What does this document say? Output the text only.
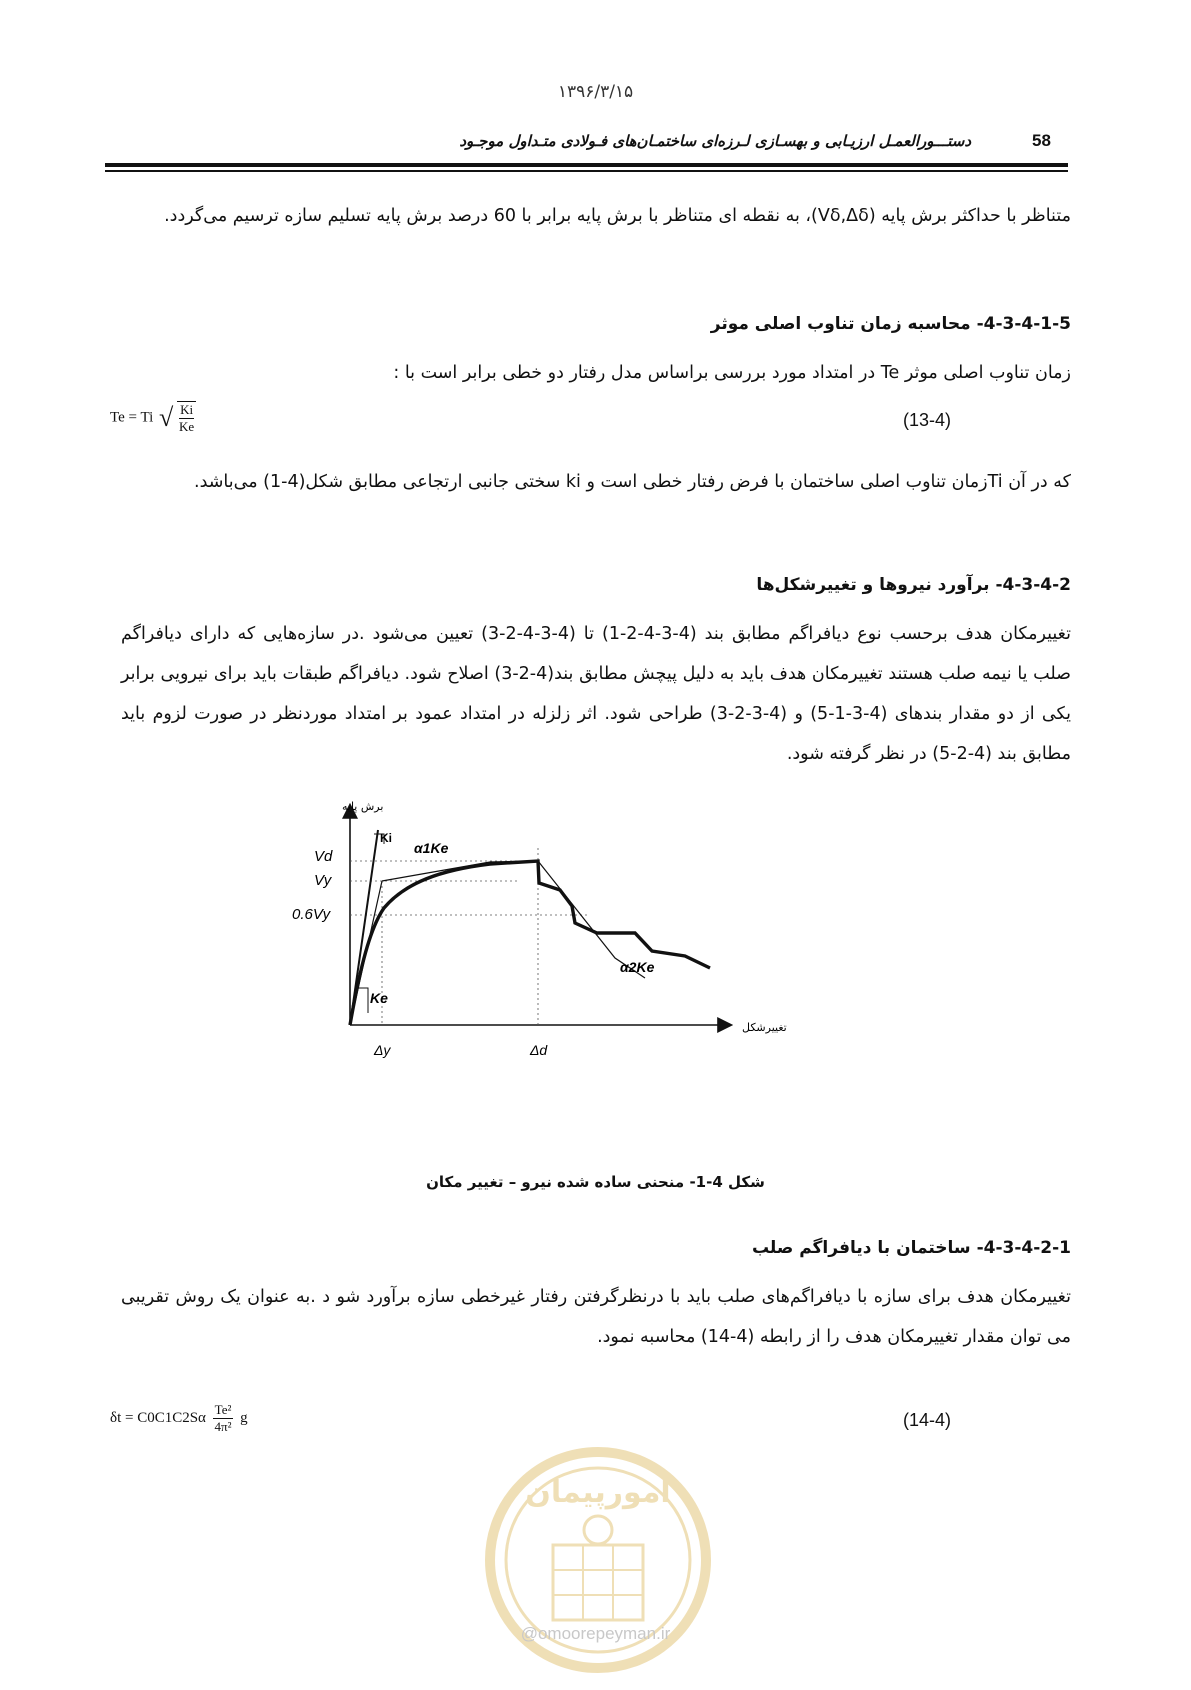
۱۳۹۶/۳/۱۵
دستـــورالعمـل ارزیـابی و بهسـازی لـرزه‌ای ساختمـان‌های فـولادی متـداول موجـود	58
متناظر با حداکثر برش پایه (Vδ,Δδ)، به نقطه ای متناظر با برش پایه برابر با 60 درصد برش پایه تسلیم سازه ترسیم می‌گردد.
4-3-4-1-5- محاسبه زمان تناوب اصلی موثر
زمان تناوب اصلی موثر Te در امتداد مورد بررسی براساس مدل رفتار دو خطی برابر است با :
Te = Ti √ $\frac{Ki}{Ke}$	(13-4)
که در آن Tiزمان تناوب اصلی ساختمان با فرض رفتار خطی است و ki سختی جانبی ارتجاعی مطابق شکل(4-1) می‌باشد.
4-3-4-2- برآورد نیروها و تغییرشکل‌ها
تغییرمکان هدف برحسب نوع دیافراگم مطابق بند (4-3-4-2-1) تا (4-3-4-2-3) تعیین می‌شود .در سازه‌هایی که دارای دیافراگم صلب یا نیمه صلب هستند تغییرمکان هدف باید به دلیل پیچش مطابق بند(4-2-3) اصلاح شود. دیافراگم طبقات باید برای نیرویی برابر یکی از دو مقدار بندهای (4-3-1-5) و (4-3-2-3) طراحی شود. اثر زلزله در امتداد عمود بر امتداد موردنظر در صورت لزوم باید مطابق بند (4-2-5) در نظر گرفته شود.
برش پایه
تغییرشکل
Vd
Vy
0.6Vy
Ki
Ke
α1Ke
α2Ke
Δy	Δd
شکل 4-1- منحنی ساده شده نیرو – تغییر مکان
4-3-4-2-1- ساختمان با دیافراگم صلب
تغییرمکان هدف برای سازه با دیافراگم‌های صلب باید با درنظرگرفتن رفتار غیرخطی سازه برآورد شو د .به عنوان یک روش تقریبی می توان مقدار تغییرمکان هدف را از رابطه (4-14) محاسبه نمود.
$\delta t = C0C1C2S\alpha \frac{\text{Te²}}{\text{4π²}}$ g	(14-4)
امورپیمان
@omoorepeyman.ir
